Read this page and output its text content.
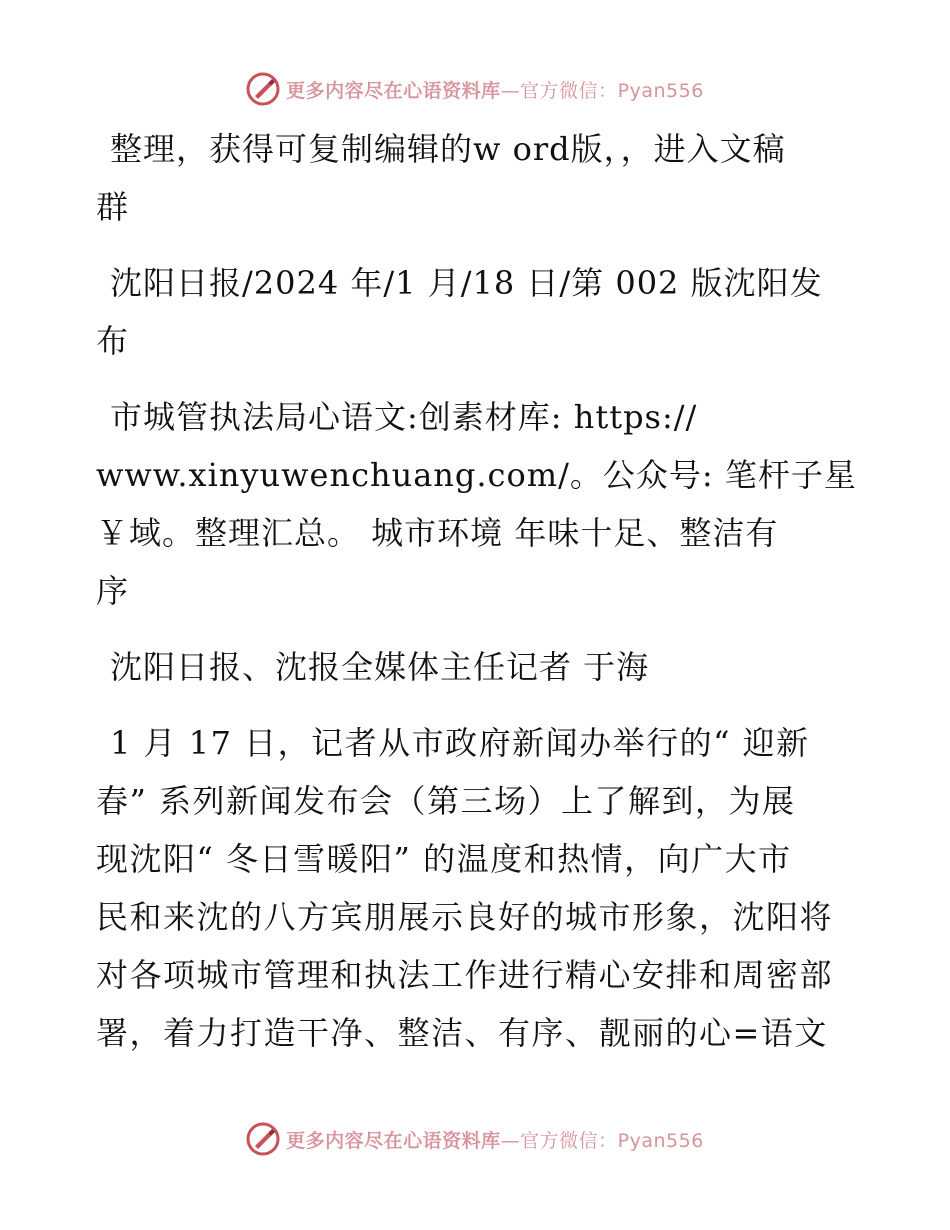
更多内容尽在心语资料库—官方微信：Pyan556

整理，获得可复制编辑的w ord版，，进入文稿
群

沈阳日报/2024 年/1 月/18 日/第 002 版沈阳发
布

市城管执法局心语文:创素材库: https://
www.xinyuwenchuang.com/。公众号: 笔杆子星
￥域。整理汇总。 城市环境 年味十足、整洁有
序

沈阳日报、沈报全媒体主任记者 于海

1 月 17 日，记者从市政府新闻办举行的“ 迎新
春” 系列新闻发布会（第三场）上了解到，为展
现沈阳“ 冬日雪暖阳” 的温度和热情，向广大市
民和来沈的八方宾朋展示良好的城市形象，沈阳将
对各项城市管理和执法工作进行精心安排和周密部
署，着力打造干净、整洁、有序、靓丽的心=语文

更多内容尽在心语资料库—官方微信：Pyan556
